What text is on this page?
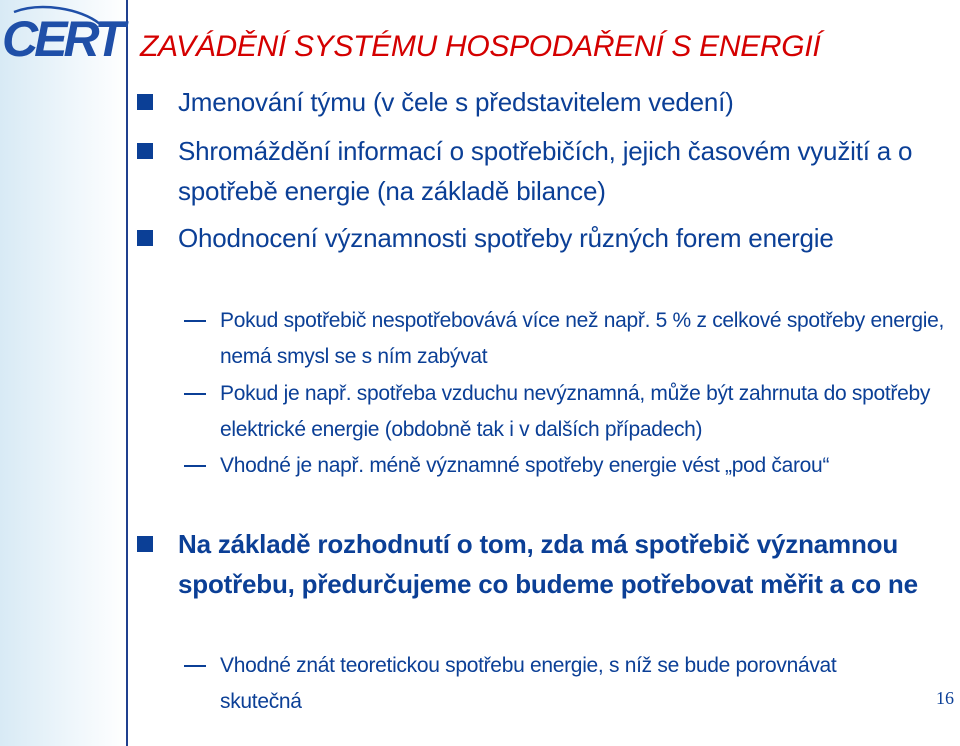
CERT ZAVÁDĚNÍ SYSTÉMU HOSPODAŘENÍ S ENERGIÍ
Jmenování týmu (v čele s představitelem vedení)
Shromáždění informací o spotřebičích, jejich časovém využití a o spotřebě energie (na základě bilance)
Ohodnocení významnosti spotřeby různých forem energie
Pokud spotřebič nespotřebovává více než např. 5 % z celkové spotřeby energie, nemá smysl se s ním zabývat
Pokud je např. spotřeba vzduchu nevýznamná, může být zahrnuta do spotřeby elektrické energie (obdobně tak i v dalších případech)
Vhodné je např. méně významné spotřeby energie vést „pod čarou“
Na základě rozhodnutí o tom, zda má spotřebič významnou spotřebu, předurčujeme co budeme potřebovat měřit a co ne
Vhodné znát teoretickou spotřebu energie, s níž se bude porovnávat skutečná	16
